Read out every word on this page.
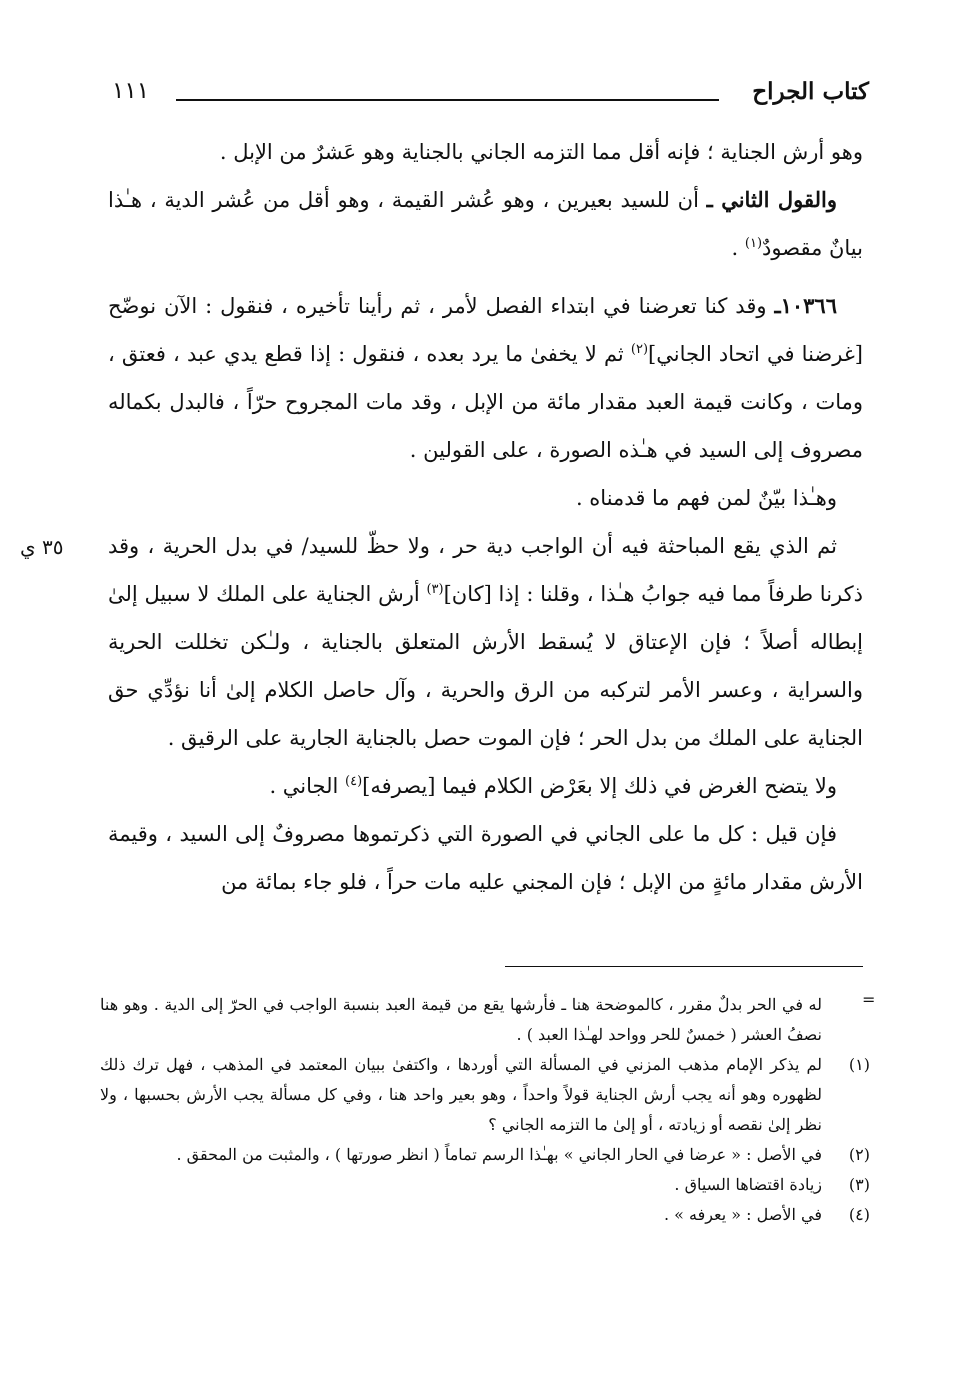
كتاب الجراح
١١١

وهو أرش الجناية ؛ فإنه أقل مما التزمه الجاني بالجناية وهو عَشرٌ من الإبل .

والقول الثاني ـ أن للسيد بعيرين ، وهو عُشر القيمة ، وهو أقل من عُشر الدية ، هـٰذا بيانٌ مقصودٌ$^{(١)}$ .

١٠٣٦٦ـ وقد كنا تعرضنا في ابتداء الفصل لأمر ، ثم رأينا تأخيره ، فنقول : الآن نوضّح [غرضنا في اتحاد الجاني]$^{(٢)}$ ثم لا يخفىٰ ما يرد بعده ، فنقول : إذا قطع يدي عبد ، فعتق ، ومات ، وكانت قيمة العبد مقدار مائة من الإبل ، وقد مات المجروح حرّاً ، فالبدل بكماله مصروف إلى السيد في هـٰذه الصورة ، على القولين .

وهـٰذا بيّنٌ لمن فهم ما قدمناه .

ثم الذي يقع المباحثة فيه أن الواجب دية حر ، ولا حظّ للسيد/ في بدل الحرية ، وقد ذكرنا طرفاً مما فيه جوابُ هـٰذا ، وقلنا : إذا [كان]$^{(٣)}$ أرش الجناية على الملك لا سبيل إلىٰ إبطاله أصلاً ؛ فإن الإعتاق لا يُسقط الأرش المتعلق بالجناية ، ولـٰكن تخللت الحرية والسراية ، وعسر الأمر لتركبه من الرق والحرية ، وآل حاصل الكلام إلىٰ أنا نؤدِّي حق الجناية على الملك من بدل الحر ؛ فإن الموت حصل بالجناية الجارية على الرقيق .

ولا يتضح الغرض في ذلك إلا بعَرْض الكلام فيما [يصرفه]$^{(٤)}$ الجاني .

فإن قيل : كل ما على الجاني في الصورة التي ذكرتموها مصروفٌ إلى السيد ، وقيمة الأرش مقدار مائةٍ من الإبل ؛ فإن المجني عليه مات حراً ، فلو جاء بمائة من

٣٥ ي
=
له في الحر بدلٌ مقرر ، كالموضحة هنا ـ فأرشها يقع من قيمة العبد بنسبة الواجب في الحرّ إلى الدية . وهو هنا نصفُ العشر ( خمسٌ للحر وواحد لهـٰذا العبد ) .
(١)
لم يذكر الإمام مذهب المزني في المسألة التي أوردها ، واكتفىٰ ببيان المعتمد في المذهب ، فهل ترك ذلك لظهوره وهو أنه يجب أرش الجناية قولاً واحداً ، وهو بعير واحد هنا ، وفي كل مسألة يجب الأرش بحسبها ، ولا نظر إلىٰ نقصه أو زيادته ، أو إلىٰ ما التزمه الجاني ؟
(٢)
في الأصل : « عرضا في الحار الجاني » بهـٰذا الرسم تماماً ( انظر صورتها ) ، والمثبت من المحقق .
(٣)
زيادة اقتضاها السياق .
(٤)
في الأصل : « يعرفه » .
